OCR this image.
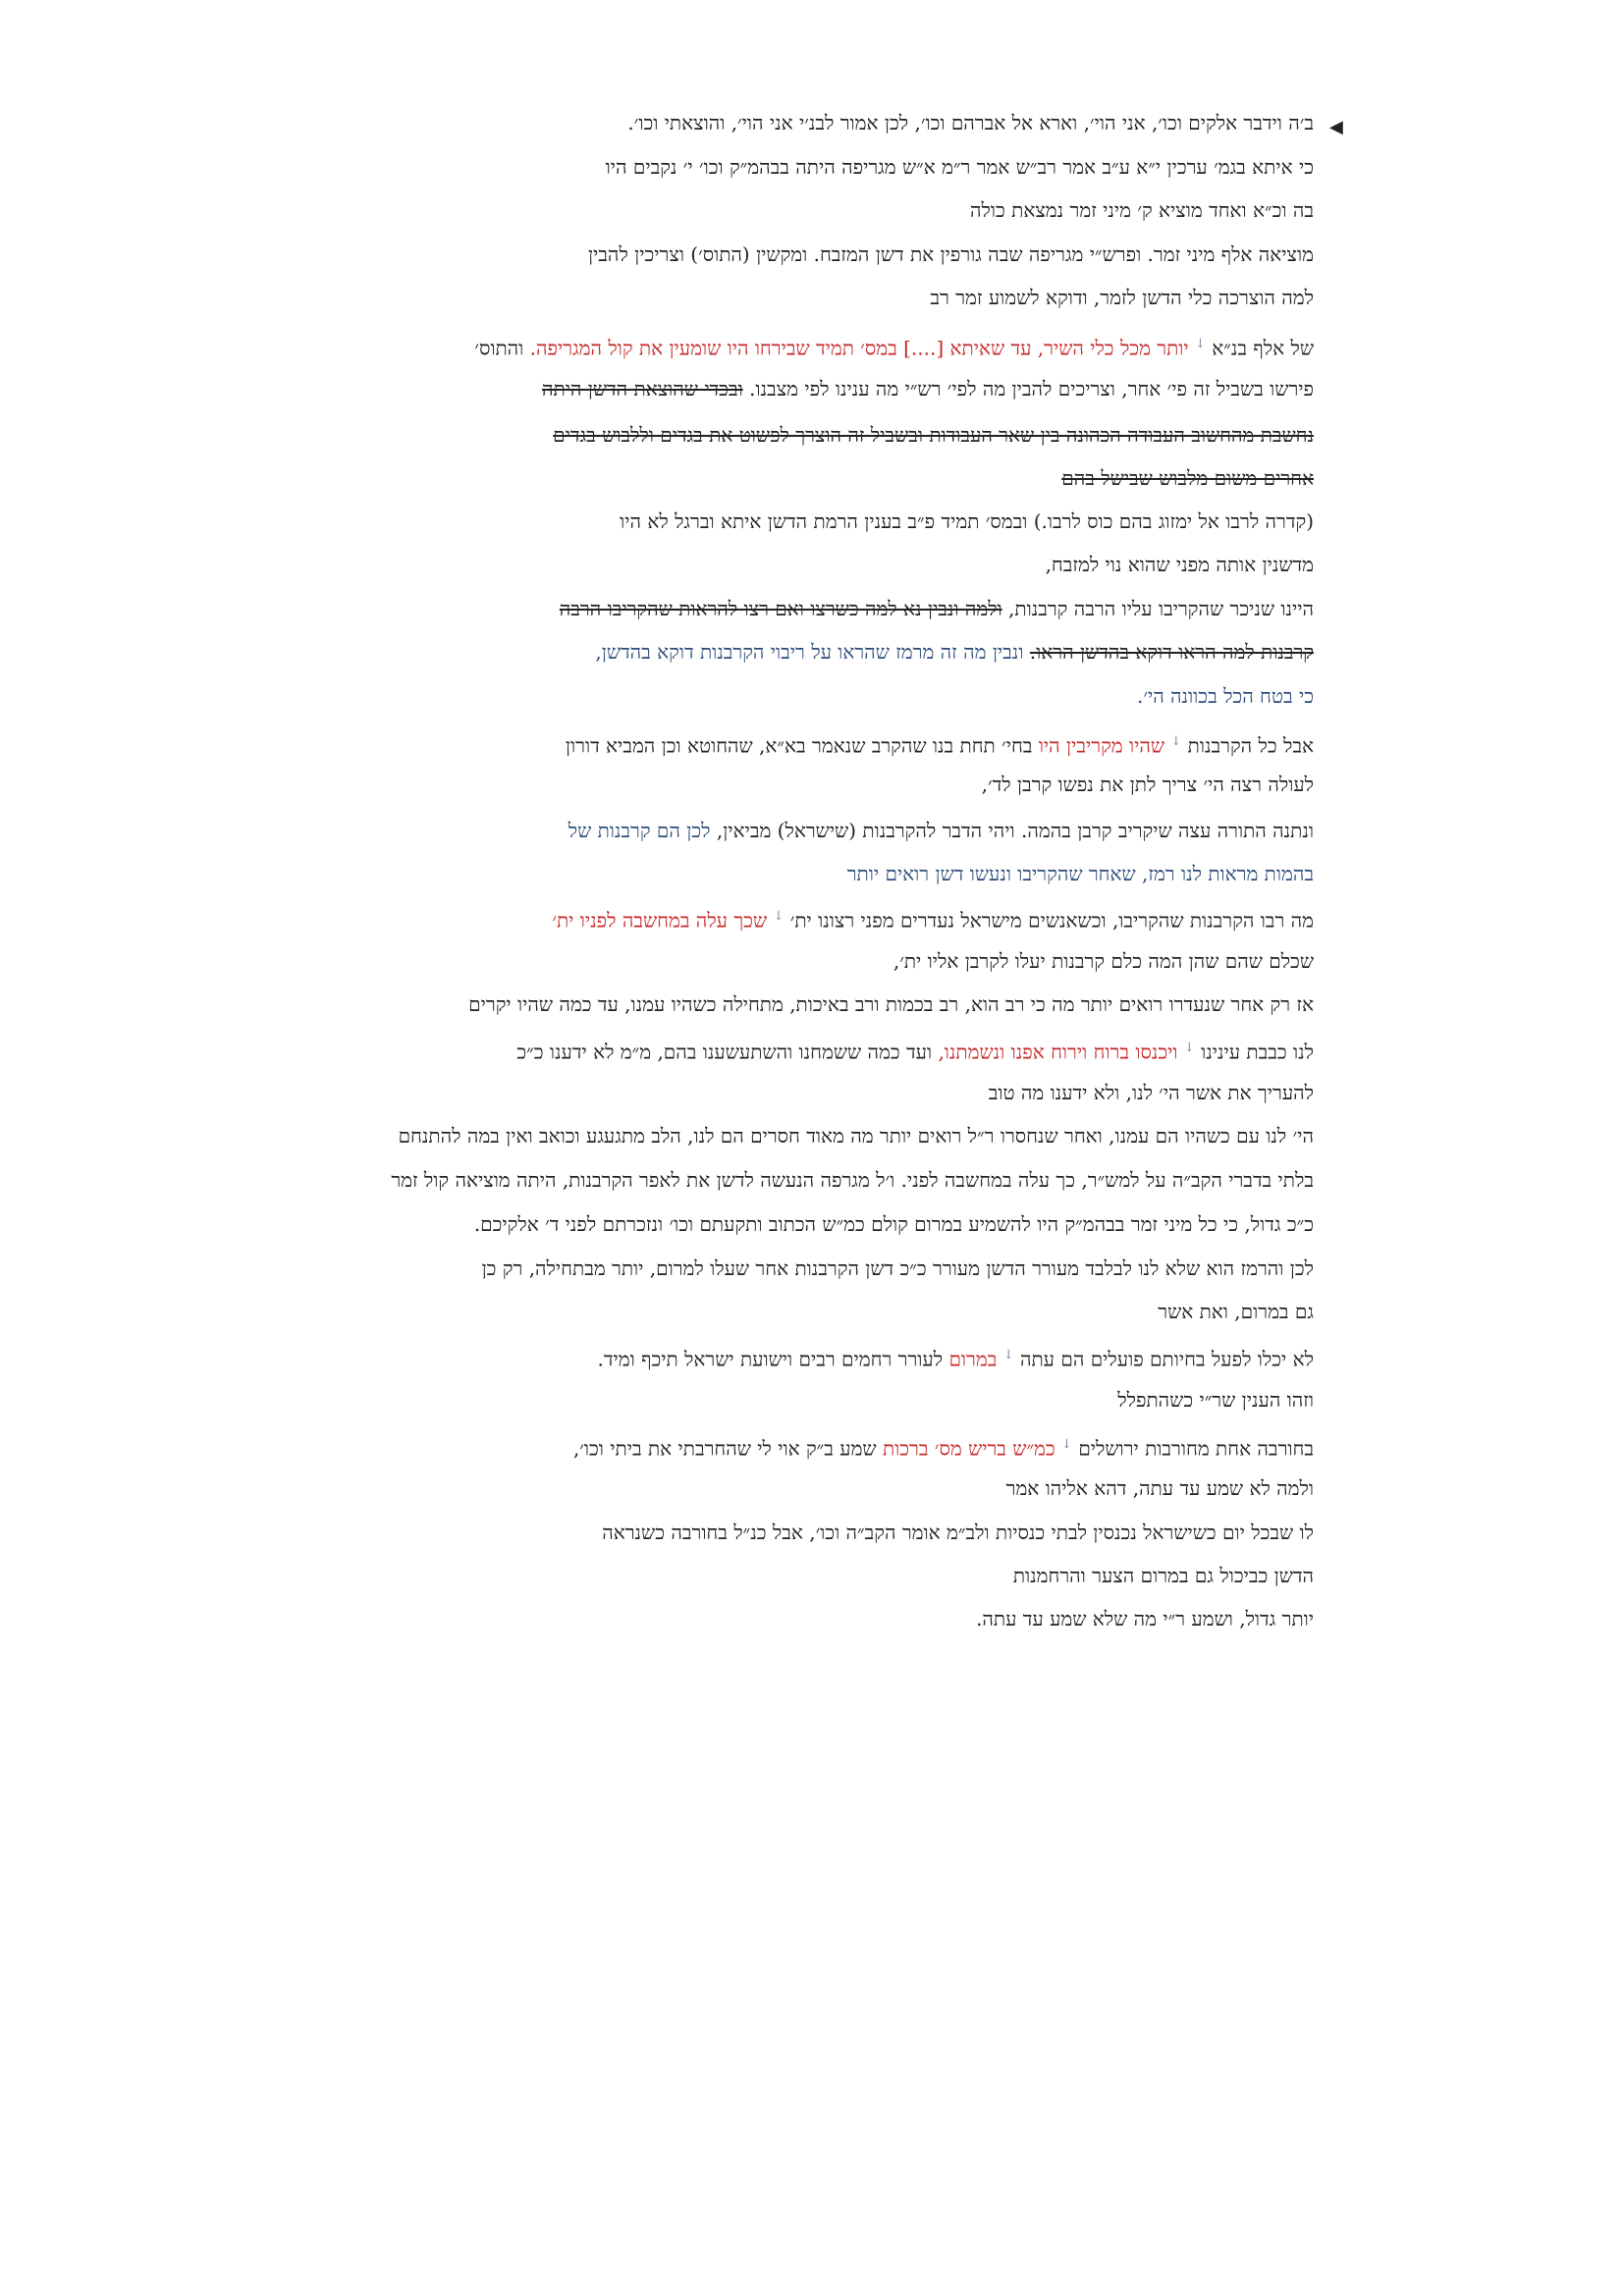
◀
ב׳ה וידבר אלקים וכו׳, אני הוי׳, וארא אל אברהם וכו׳, לכן אמור לבנ׳י אני הוי׳, והוצאתי וכו׳.
כי איתא בגמ׳ ערכין י״א ע״ב אמר רב״ש אמר ר״מ א״ש מגריפה היתה בבהמ״ק וכו׳ י׳ נקבים היו
בה וכ״א ואחד מוציא ק׳ מיני זמר נמצאת כולה
מוציאה אלף מיני זמר. ופרש״י מגריפה שבה גורפין את דשן המזבח. ומקשין (התוס׳) וצריכין להבין
למה הוצרכה כלי הדשן לזמר, ודוקא לשמוע זמר רב
של אלף בנ״א ↓ יותר מכל כלי השיר, עד שאיתא [....] במס׳ תמיד שבירחו היו שומעין את קול המגריפה. והתוס׳
פירשו בשביל זה פי׳ אחר, וצריכים להבין מה לפי׳ רש״י מה ענינו לפי מצבנו. ובכדי שהוצאת הדשן היתה
נחשבת מהחשוב העבודה הכהונה בין שאר העבודות ובשביל זה הוצרך לפשוט את בגדים וללבוש בגדים
אחרים משום מלבוש שבישל בהם
(קדרה לרבו אל ימזוג בהם כוס לרבו.) ובמס׳ תמיד פ״ב בענין הרמת הדשן איתא וברגל לא היו
מדשנין אותה מפני שהוא נוי למזבח,
היינו שניכר שהקריבו עליו הרבה קרבנות, ולמה ונבין נא למה כשרצו ואם רצו להראות שהקריבו הרבה
קרבנות למה הראו דוקא בהדשן הראו. ונבין מה זה מרמז שהראו על ריבוי הקרבנות דוקא בהדשן,
כי בטח הכל בכוונה הי׳.
אבל כל הקרבנות ↓ שהיו מקריבין היו בחי׳ תחת בנו שהקרב שנאמר בא״א, שהחוטא וכן המביא דורון
לעולה רצה הי׳ צריך לתן את נפשו קרבן לד׳,
ונתנה התורה עצה שיקריב קרבן בהמה. ויהי הדבר להקרבנות (שישראל) מביאין, לכן הם קרבנות של
בהמות מראות לנו רמז, שאחר שהקריבו ונעשו דשן רואים יותר
מה רבו הקרבנות שהקריבו, וכשאנשים מישראל נעדרים מפני רצונו ית׳ ↓ שכך עלה במחשבה לפניו ית׳
שכלם שהם שהן המה כלם קרבנות יעלו לקרבן אליו ית׳,
אז רק אחר שנעדרו רואים יותר מה כי רב הוא, רב בכמות ורב באיכות, מתחילה כשהיו עמנו, עד כמה שהיו יקרים
לנו כבבת עינינו ↓ ויכנסו ברוח וירוח אפנו ונשמתנו, ועד כמה ששמחנו והשתעשענו בהם, מ״מ לא ידענו כ״כ
להעריך את אשר הי׳ לנו, ולא ידענו מה טוב
הי׳ לנו עם כשהיו הם עמנו, ואחר שנחסרו ר״ל רואים יותר מה מאוד חסרים הם לנו, הלב מתגעגע וכואב ואין במה להתנחם
בלתי בדברי הקב״ה על למש״ר, כך עלה במחשבה לפני. ו׳ל מגרפה הנעשה לדשן את לאפר הקרבנות, היתה מוציאה קול זמר
כ״כ גדול, כי כל מיני זמר בבהמ״ק היו להשמיע במרום קולם כמ״ש הכתוב ותקעתם וכו׳ ונזכרתם לפני ד׳ אלקיכם.
לכן והרמז הוא שלא לנו לבלבד מעורר הדשן מעורר כ״כ דשן הקרבנות אחר שעלו למרום, יותר מבתחילה, רק כן
גם במרום, ואת אשר
לא יכלו לפעל בחיותם פועלים הם עתה ↓ במרום לעורר רחמים רבים וישועת ישראל תיכף ומיד.
וזהו הענין שר״י כשהתפלל
בחורבה אחת מחורבות ירושלים ↓ כמ״ש בריש מס׳ ברכות שמע ב״ק אוי לי שהחרבתי את ביתי וכו׳,
ולמה לא שמע עד עתה, דהא אליהו אמר
לו שבכל יום כשישראל נכנסין לבתי כנסיות ולב״מ אומר הקב״ה וכו׳, אבל כנ״ל בחורבה כשנראה
הדשן כביכול גם במרום הצער והרחמנות
יותר גדול, ושמע ר״י מה שלא שמע עד עתה.
